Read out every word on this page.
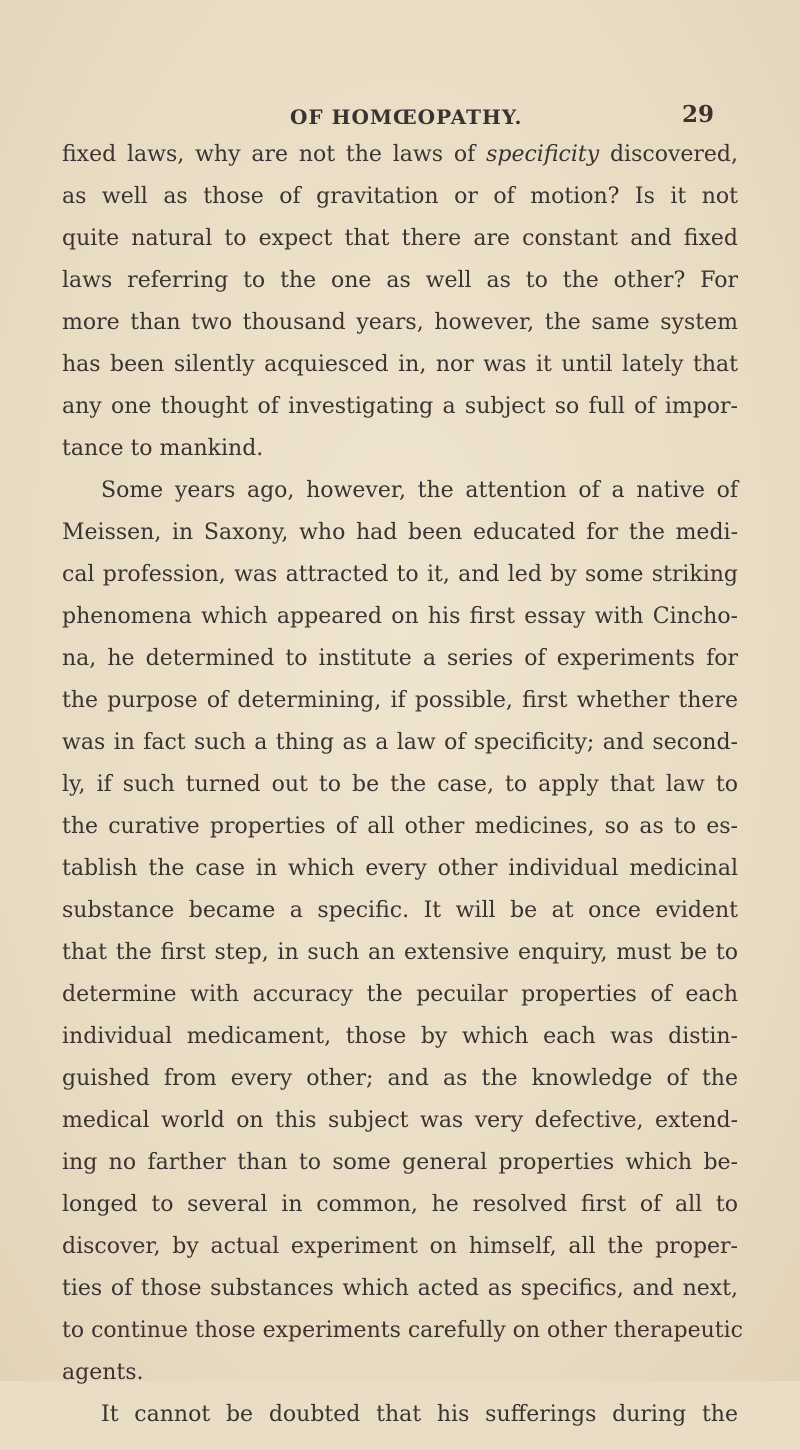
OF HOMŒOPATHY.	29
fixed laws, why are not the laws of specificity discovered,
as well as those of gravitation or of motion? Is it not
quite natural to expect that there are constant and fixed
laws referring to the one as well as to the other? For
more than two thousand years, however, the same system
has been silently acquiesced in, nor was it until lately that
any one thought of investigating a subject so full of impor-
tance to mankind.
Some years ago, however, the attention of a native of
Meissen, in Saxony, who had been educated for the medi-
cal profession, was attracted to it, and led by some striking
phenomena which appeared on his first essay with Cincho-
na, he determined to institute a series of experiments for
the purpose of determining, if possible, first whether there
was in fact such a thing as a law of specificity; and second-
ly, if such turned out to be the case, to apply that law to
the curative properties of all other medicines, so as to es-
tablish the case in which every other individual medicinal
substance became a specific. It will be at once evident
that the first step, in such an extensive enquiry, must be to
determine with accuracy the pecuilar properties of each
individual medicament, those by which each was distin-
guished from every other; and as the knowledge of the
medical world on this subject was very defective, extend-
ing no farther than to some general properties which be-
longed to several in common, he resolved first of all to
discover, by actual experiment on himself, all the proper-
ties of those substances which acted as specifics, and next,
to continue those experiments carefully on other therapeutic
agents.
It cannot be doubted that his sufferings during the
